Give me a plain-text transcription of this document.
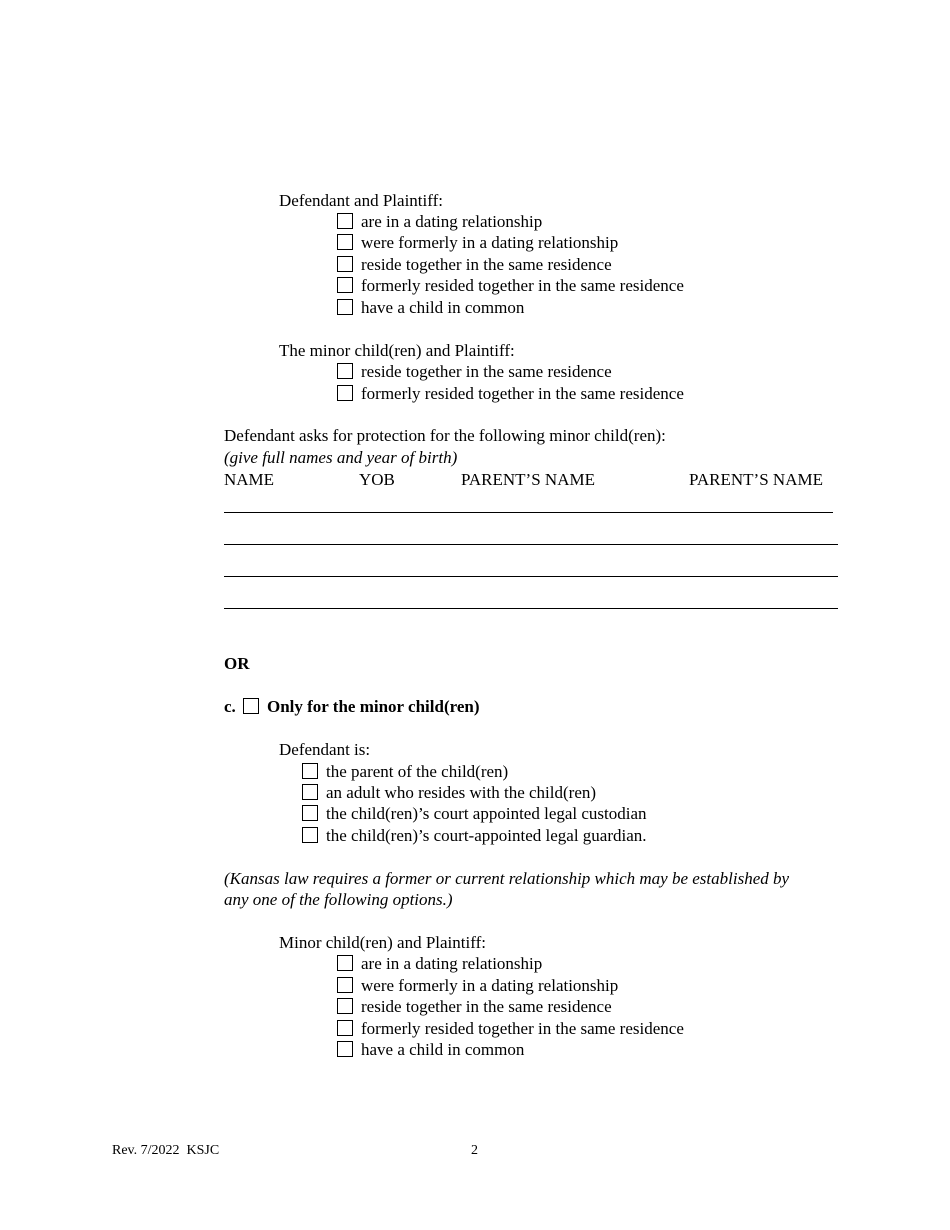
Defendant and Plaintiff:
are in a dating relationship
were formerly in a dating relationship
reside together in the same residence
formerly resided together in the same residence
have a child in common
The minor child(ren) and Plaintiff:
reside together in the same residence
formerly resided together in the same residence
Defendant asks for protection for the following minor child(ren):
(give full names and year of birth)
NAME	YOB	PARENT’S NAME	PARENT’S NAME
OR
c. Only for the minor child(ren)
Defendant is:
the parent of the child(ren)
an adult who resides with the child(ren)
the child(ren)’s court appointed legal custodian
the child(ren)’s court-appointed legal guardian.
(Kansas law requires a former or current relationship which may be established by
any one of the following options.)
Minor child(ren) and Plaintiff:
are in a dating relationship
were formerly in a dating relationship
reside together in the same residence
formerly resided together in the same residence
have a child in common
Rev. 7/2022  KSJC	2
